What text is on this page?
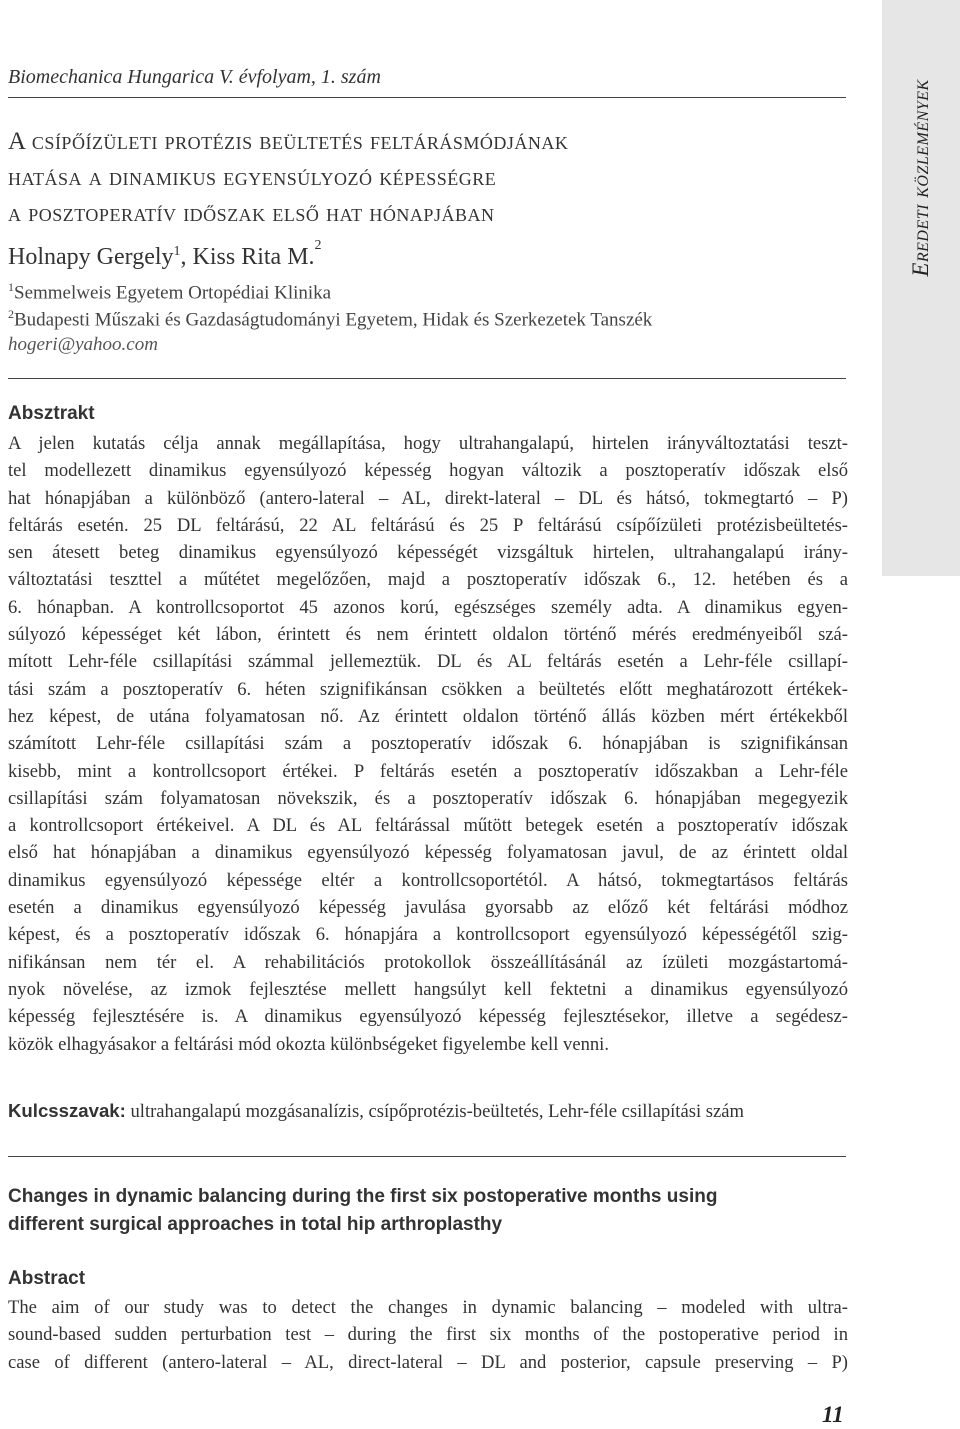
Biomechanica Hungarica V. évfolyam, 1. szám
A csípőízületi protézis beültetés feltárásmódjának
hatása a dinamikus egyensúlyozó képességre
a posztoperatív időszak első hat hónapjában
Holnapy Gergely$^1$, Kiss Rita M.$^2$
$^1$Semmelweis Egyetem Ortopédiai Klinika
$^2$Budapesti Műszaki és Gazdaságtudományi Egyetem, Hidak és Szerkezetek Tanszék
hogeri@yahoo.com
Eredeti közlemények
Absztrakt
A jelen kutatás célja annak megállapítása, hogy ultrahangalapú, hirtelen irányváltoztatási teszt-
tel modellezett dinamikus egyensúlyozó képesség hogyan változik a posztoperatív időszak első
hat hónapjában a különböző (antero-lateral – AL, direkt-lateral – DL és hátsó, tokmegtartó – P)
feltárás esetén. 25 DL feltárású, 22 AL feltárású és 25 P feltárású csípőízületi protézisbeültetés-
sen átesett beteg dinamikus egyensúlyozó képességét vizsgáltuk hirtelen, ultrahangalapú irány-
változtatási teszttel a műtétet megelőzően, majd a posztoperatív időszak 6., 12. hetében és a
6. hónapban. A kontrollcsoportot 45 azonos korú, egészséges személy adta. A dinamikus egyen-
súlyozó képességet két lábon, érintett és nem érintett oldalon történő mérés eredményeiből szá-
mított Lehr-féle csillapítási számmal jellemeztük. DL és AL feltárás esetén a Lehr-féle csillapí-
tási szám a posztoperatív 6. héten szignifikánsan csökken a beültetés előtt meghatározott értékek-
hez képest, de utána folyamatosan nő. Az érintett oldalon történő állás közben mért értékekből
számított Lehr-féle csillapítási szám a posztoperatív időszak 6. hónapjában is szignifikánsan
kisebb, mint a kontrollcsoport értékei. P feltárás esetén a posztoperatív időszakban a Lehr-féle
csillapítási szám folyamatosan növekszik, és a posztoperatív időszak 6. hónapjában megegyezik
a kontrollcsoport értékeivel. A DL és AL feltárással műtött betegek esetén a posztoperatív időszak
első hat hónapjában a dinamikus egyensúlyozó képesség folyamatosan javul, de az érintett oldal
dinamikus egyensúlyozó képessége eltér a kontrollcsoportétól. A hátsó, tokmegtartásos feltárás
esetén a dinamikus egyensúlyozó képesség javulása gyorsabb az előző két feltárási módhoz
képest, és a posztoperatív időszak 6. hónapjára a kontrollcsoport egyensúlyozó képességétől szig-
nifikánsan nem tér el. A rehabilitációs protokollok összeállításánál az ízületi mozgástartomá-
nyok növelése, az izmok fejlesztése mellett hangsúlyt kell fektetni a dinamikus egyensúlyozó
képesség fejlesztésére is. A dinamikus egyensúlyozó képesség fejlesztésekor, illetve a segédesz-
közök elhagyásakor a feltárási mód okozta különbségeket figyelembe kell venni.
Kulcsszavak: ultrahangalapú mozgásanalízis, csípőprotézis-beültetés, Lehr-féle csillapítási szám
Changes in dynamic balancing during the first six postoperative months using
different surgical approaches in total hip arthroplasthy
Abstract
The aim of our study was to detect the changes in dynamic balancing – modeled with ultra-
sound-based sudden perturbation test – during the first six months of the postoperative period in
case of different (antero-lateral – AL, direct-lateral – DL and posterior, capsule preserving – P)
11
